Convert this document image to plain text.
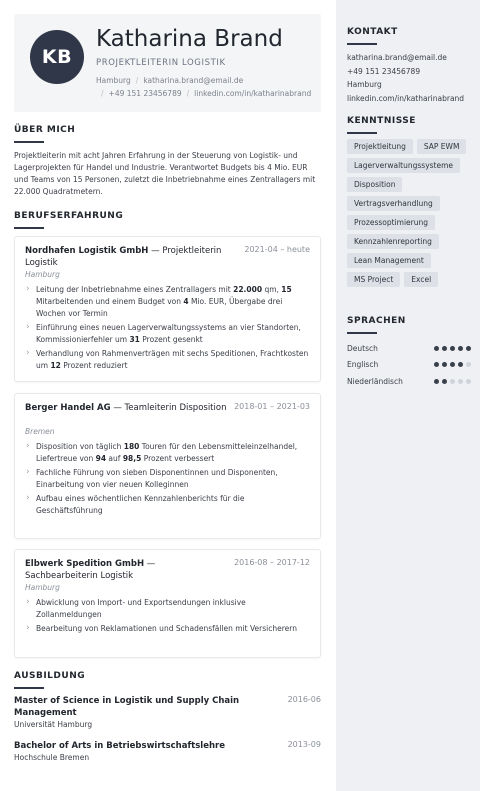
KB
Katharina Brand
PROJEKTLEITERIN LOGISTIK
Hamburg / katharina.brand@email.de
/ +49 151 23456789 / linkedin.com/in/katharinabrand
ÜBER MICH
Projektleiterin mit acht Jahren Erfahrung in der Steuerung von Logistik- und Lagerprojekten für Handel und Industrie. Verantwortet Budgets bis 4 Mio. EUR und Teams von 15 Personen, zuletzt die Inbetriebnahme eines Zentrallagers mit 22.000 Quadratmetern.
BERUFSERFAHRUNG
Nordhafen Logistik GmbH — Projektleiterin Logistik
2021-04 – heute
Hamburg
› Leitung der Inbetriebnahme eines Zentrallagers mit 22.000 qm, 15 Mitarbeitenden und einem Budget von 4 Mio. EUR, Übergabe drei Wochen vor Termin
› Einführung eines neuen Lagerverwaltungssystems an vier Standorten, Kommissionierfehler um 31 Prozent gesenkt
› Verhandlung von Rahmenverträgen mit sechs Speditionen, Frachtkosten um 12 Prozent reduziert
Berger Handel AG — Teamleiterin Disposition 2018-01 – 2021-03
Bremen
› Disposition von täglich 180 Touren für den Lebensmitteleinzelhandel, Liefertreue von 94 auf 98,5 Prozent verbessert
› Fachliche Führung von sieben Disponentinnen und Disponenten, Einarbeitung von vier neuen Kolleginnen
› Aufbau eines wöchentlichen Kennzahlenberichts für die Geschäftsführung
Elbwerk Spedition GmbH — Sachbearbeiterin Logistik
2016-08 – 2017-12
Hamburg
› Abwicklung von Import- und Exportsendungen inklusive Zollanmeldungen
› Bearbeitung von Reklamationen und Schadensfällen mit Versicherern
AUSBILDUNG
Master of Science in Logistik und Supply Chain Management
Universität Hamburg
2016-06
Bachelor of Arts in Betriebswirtschaftslehre
Hochschule Bremen
2013-09
KONTAKT
katharina.brand@email.de
+49 151 23456789
Hamburg
linkedin.com/in/katharinabrand
KENNTNISSE
Projektleitung	SAP EWM
Lagerverwaltungssysteme
Disposition
Vertragsverhandlung
Prozessoptimierung
Kennzahlenreporting
Lean Management
MS Project	Excel
SPRACHEN
Deutsch
Englisch
Niederländisch
